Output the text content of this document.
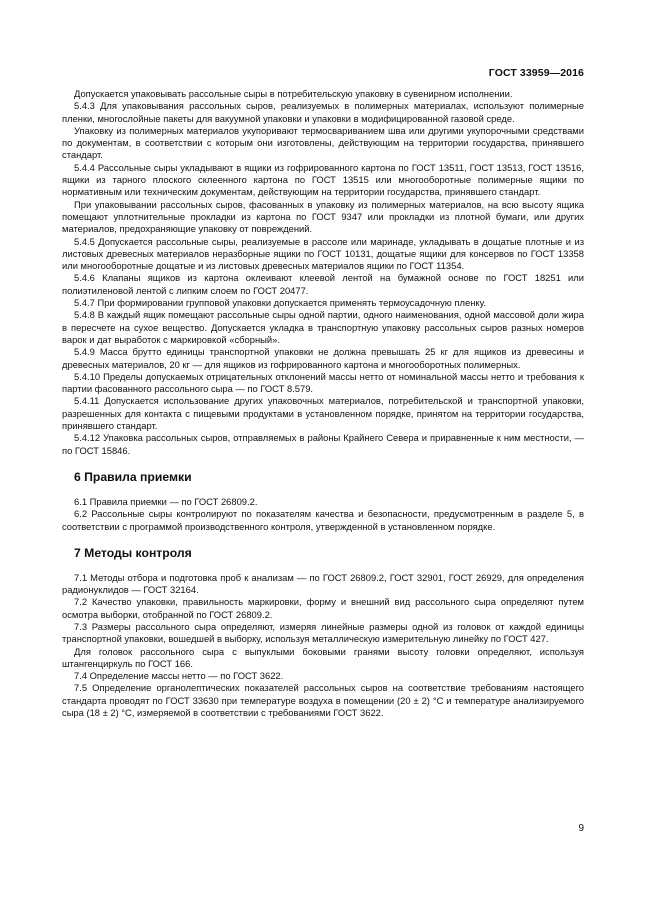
ГОСТ 33959—2016

Допускается упаковывать рассольные сыры в потребительскую упаковку в сувенирном исполнении.

5.4.3 Для упаковывания рассольных сыров, реализуемых в полимерных материалах, используют полимерные пленки, многослойные пакеты для вакуумной упаковки и упаковки в модифицированной газовой среде.

Упаковку из полимерных материалов укупоривают термосвариванием шва или другими укупорочными средствами по документам, в соответствии с которым они изготовлены, действующим на территории государства, принявшего стандарт.

5.4.4 Рассольные сыры укладывают в ящики из гофрированного картона по ГОСТ 13511, ГОСТ 13513, ГОСТ 13516, ящики из тарного плоского склеенного картона по ГОСТ 13515 или многооборотные полимерные ящики по нормативным или техническим документам, действующим на территории государства, принявшего стандарт.

При упаковывании рассольных сыров, фасованных в упаковку из полимерных материалов, на всю высоту ящика помещают уплотнительные прокладки из картона по ГОСТ 9347 или прокладки из плотной бумаги, или других материалов, предохраняющие упаковку от повреждений.

5.4.5 Допускается рассольные сыры, реализуемые в рассоле или маринаде, укладывать в дощатые плотные и из листовых древесных материалов неразборные ящики по ГОСТ 10131, дощатые ящики для консервов по ГОСТ 13358 или многооборотные дощатые и из листовых древесных материалов ящики по ГОСТ 11354.

5.4.6 Клапаны ящиков из картона оклеивают клеевой лентой на бумажной основе по ГОСТ 18251 или полиэтиленовой лентой с липким слоем по ГОСТ 20477.

5.4.7 При формировании групповой упаковки допускается применять термоусадочную пленку.

5.4.8 В каждый ящик помещают рассольные сыры одной партии, одного наименования, одной массовой доли жира в пересчете на сухое вещество. Допускается укладка в транспортную упаковку рассольных сыров разных номеров варок и дат выработок с маркировкой «сборный».

5.4.9 Масса брутто единицы транспортной упаковки не должна превышать 25 кг для ящиков из древесины и древесных материалов, 20 кг — для ящиков из гофрированного картона и многооборотных полимерных.

5.4.10 Пределы допускаемых отрицательных отклонений массы нетто от номинальной массы нетто и требования к партии фасованного рассольного сыра — по ГОСТ 8.579.

5.4.11 Допускается использование других упаковочных материалов, потребительской и транспортной упаковки, разрешенных для контакта с пищевыми продуктами в установленном порядке, принятом на территории государства, принявшего стандарт.

5.4.12 Упаковка рассольных сыров, отправляемых в районы Крайнего Севера и приравненные к ним местности, — по ГОСТ 15846.

6 Правила приемки

6.1 Правила приемки — по ГОСТ 26809.2.

6.2 Рассольные сыры контролируют по показателям качества и безопасности, предусмотренным в разделе 5, в соответствии с программой производственного контроля, утвержденной в установленном порядке.

7 Методы контроля

7.1 Методы отбора и подготовка проб к анализам — по ГОСТ 26809.2, ГОСТ 32901, ГОСТ 26929, для определения радионуклидов — ГОСТ 32164.

7.2 Качество упаковки, правильность маркировки, форму и внешний вид рассольного сыра определяют путем осмотра выборки, отобранной по ГОСТ 26809.2.

7.3 Размеры рассольного сыра определяют, измеряя линейные размеры одной из головок от каждой единицы транспортной упаковки, вошедшей в выборку, используя металлическую измерительную линейку по ГОСТ 427.

Для головок рассольного сыра с выпуклыми боковыми гранями высоту головки определяют, используя штангенциркуль по ГОСТ 166.

7.4 Определение массы нетто — по ГОСТ 3622.

7.5 Определение органолептических показателей рассольных сыров на соответствие требованиям настоящего стандарта проводят по ГОСТ 33630 при температуре воздуха в помещении (20 ± 2) °С и температуре анализируемого сыра (18 ± 2) °С, измеряемой в соответствии с требованиями ГОСТ 3622.

9
